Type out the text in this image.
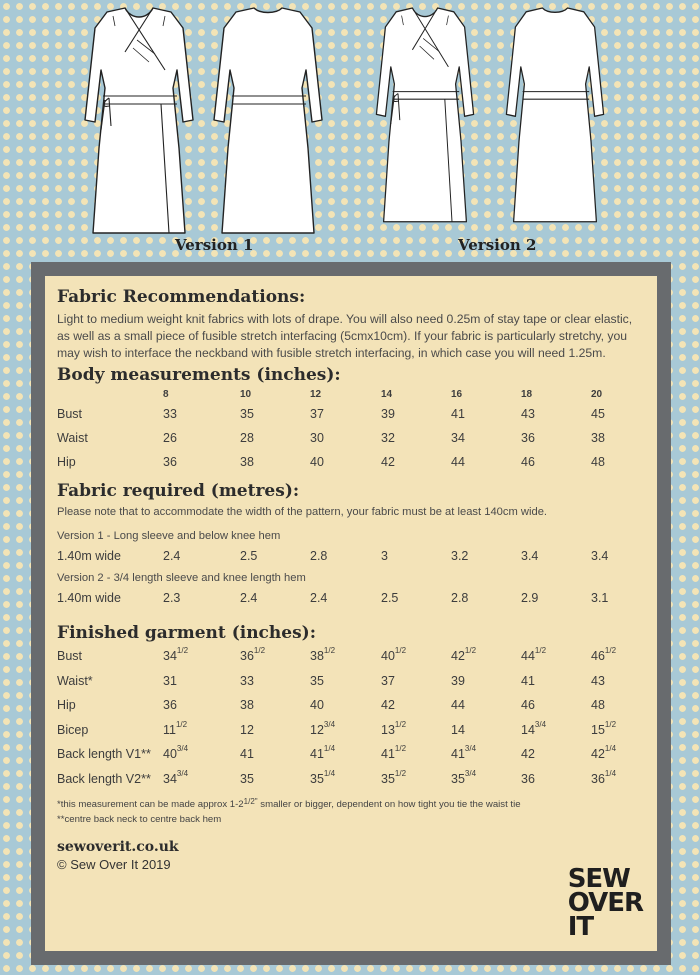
Version 1	Version 2
Fabric Recommendations:
Light to medium weight knit fabrics with lots of drape. You will also need 0.25m of stay tape or clear elastic, as well as a small piece of fusible stretch interfacing (5cmx10cm). If your fabric is particularly stretchy, you may wish to interface the neckband with fusible stretch interfacing, in which case you will need 1.25m.
Body measurements (inches):
	8	10	12	14	16	18	20
Bust	33	35	37	39	41	43	45
Waist	26	28	30	32	34	36	38
Hip	36	38	40	42	44	46	48
Fabric required (metres):
Please note that to accommodate the width of the pattern, your fabric must be at least 140cm wide.
Version 1 - Long sleeve and below knee hem
1.40m wide	2.4	2.5	2.8	3	3.2	3.4	3.4
Version 2 - 3/4 length sleeve and knee length hem
1.40m wide	2.3	2.4	2.4	2.5	2.8	2.9	3.1
Finished garment (inches):
Bust	$34^{1/2}$	$36^{1/2}$	$38^{1/2}$	$40^{1/2}$	$42^{1/2}$	$44^{1/2}$	$46^{1/2}$
Waist*	31	33	35	37	39	41	43
Hip	36	38	40	42	44	46	48
Bicep	$11^{1/2}$	12	$12^{3/4}$	$13^{1/2}$	14	$14^{3/4}$	$15^{1/2}$
Back length V1**	$40^{3/4}$	41	$41^{1/4}$	$41^{1/2}$	$41^{3/4}$	42	$42^{1/4}$
Back length V2**	$34^{3/4}$	35	$35^{1/4}$	$35^{1/2}$	$35^{3/4}$	36	$36^{1/4}$
*this measurement can be made approx $1-2^{1/2"}$ smaller or bigger, dependent on how tight you tie the waist tie
**centre back neck to centre back hem
sewoverit.co.uk
© Sew Over It 2019	SEW
OVER
IT
